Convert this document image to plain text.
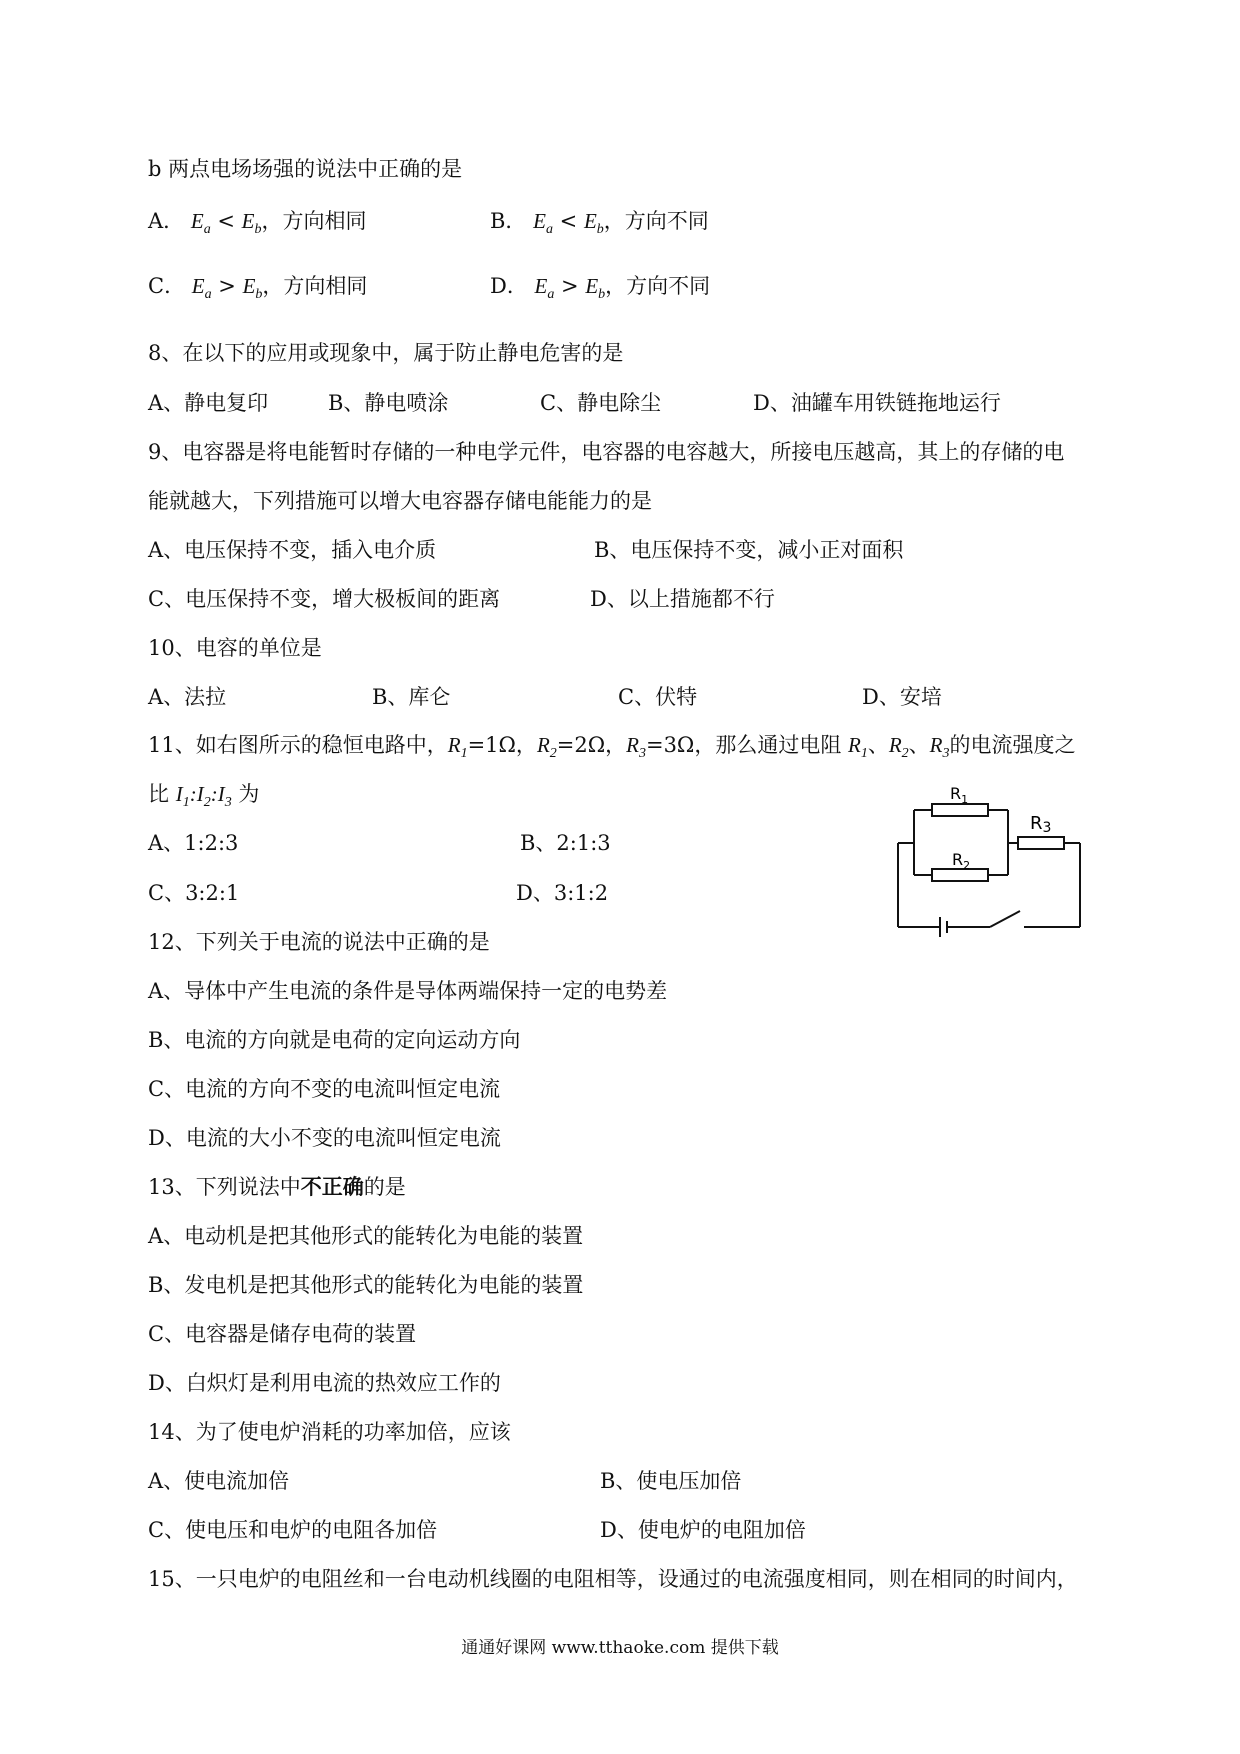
b 两点电场场强的说法中正确的是
A． $E_a < E_b$，方向相同	B． $E_a < E_b$，方向不同
C． $E_a > E_b$，方向相同	D． $E_a > E_b$，方向不同
8、在以下的应用或现象中，属于防止静电危害的是
A、静电复印	B、静电喷涂	C、静电除尘	D、油罐车用铁链拖地运行
9、电容器是将电能暂时存储的一种电学元件，电容器的电容越大，所接电压越高，其上的存储的电
能就越大，下列措施可以增大电容器存储电能能力的是
A、电压保持不变，插入电介质	B、电压保持不变，减小正对面积
C、电压保持不变，增大极板间的距离	D、以上措施都不行
10、电容的单位是
A、法拉	B、库仑	C、伏特	D、安培
11、如右图所示的稳恒电路中，$R_1=1\Omega$，$R_2=2\Omega$，$R_3=3\Omega$，那么通过电阻 $R_1$、$R_2$、$R_3$的电流强度之
比 $I_1:I_2:I_3$ 为
A、1:2:3	B、2:1:3
C、3:2:1	D、3:1:2
$R_1$
$R_2$
R3
12、下列关于电流的说法中正确的是
A、导体中产生电流的条件是导体两端保持一定的电势差
B、电流的方向就是电荷的定向运动方向
C、电流的方向不变的电流叫恒定电流
D、电流的大小不变的电流叫恒定电流
13、下列说法中不正确的是
A、电动机是把其他形式的能转化为电能的装置
B、发电机是把其他形式的能转化为电能的装置
C、电容器是储存电荷的装置
D、白炽灯是利用电流的热效应工作的
14、为了使电炉消耗的功率加倍，应该
A、使电流加倍	B、使电压加倍
C、使电压和电炉的电阻各加倍	D、使电炉的电阻加倍
15、一只电炉的电阻丝和一台电动机线圈的电阻相等，设通过的电流强度相同，则在相同的时间内，
通通好课网 www.tthaoke.com 提供下载
